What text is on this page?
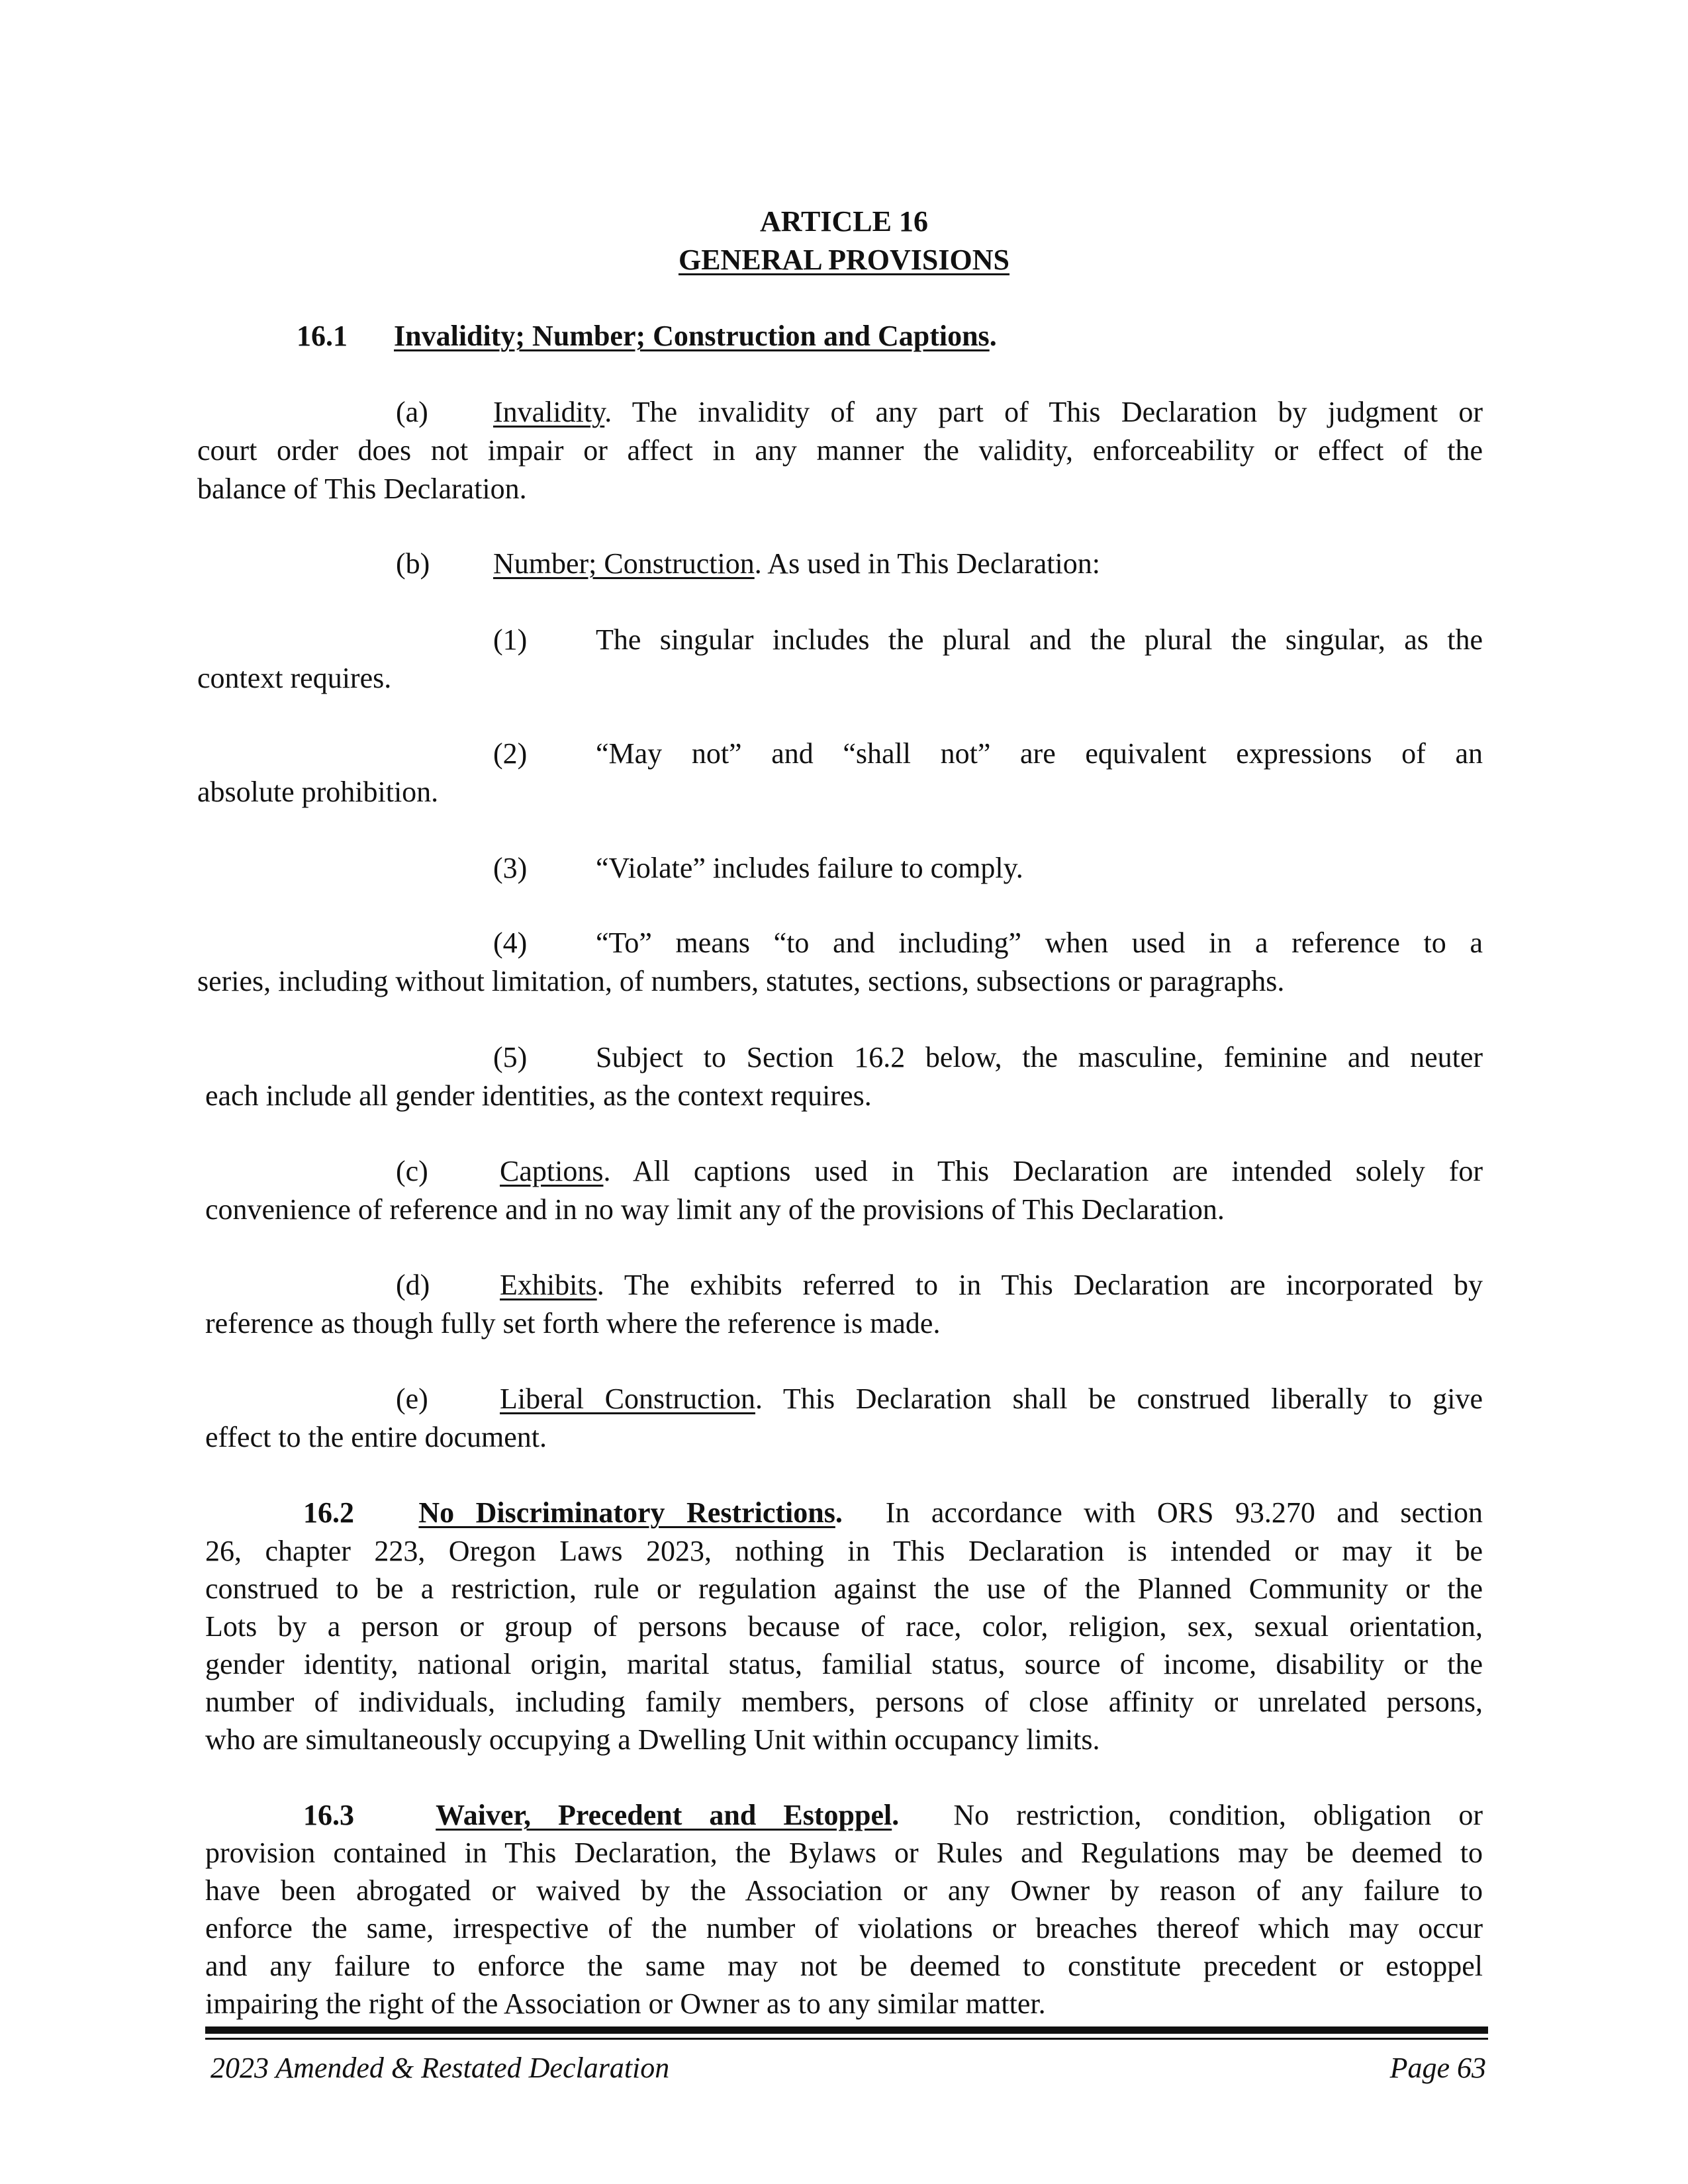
ARTICLE 16
GENERAL PROVISIONS
16.1 Invalidity; Number; Construction and Captions.
(a) Invalidity. The invalidity of any part of This Declaration by judgment or
court order does not impair or affect in any manner the validity, enforceability or effect of the
balance of This Declaration.
(b) Number; Construction. As used in This Declaration:
(1) The singular includes the plural and the plural the singular, as the
context requires.
(2) “May not” and “shall not” are equivalent expressions of an
absolute prohibition.
(3) “Violate” includes failure to comply.
(4) “To” means “to and including” when used in a reference to a
series, including without limitation, of numbers, statutes, sections, subsections or paragraphs.
(5) Subject to Section 16.2 below, the masculine, feminine and neuter
each include all gender identities, as the context requires.
(c) Captions. All captions used in This Declaration are intended solely for
convenience of reference and in no way limit any of the provisions of This Declaration.
(d) Exhibits. The exhibits referred to in This Declaration are incorporated by
reference as though fully set forth where the reference is made.
(e) Liberal Construction. This Declaration shall be construed liberally to give
effect to the entire document.
16.2 No Discriminatory Restrictions. In accordance with ORS 93.270 and section
26, chapter 223, Oregon Laws 2023, nothing in This Declaration is intended or may it be
construed to be a restriction, rule or regulation against the use of the Planned Community or the
Lots by a person or group of persons because of race, color, religion, sex, sexual orientation,
gender identity, national origin, marital status, familial status, source of income, disability or the
number of individuals, including family members, persons of close affinity or unrelated persons,
who are simultaneously occupying a Dwelling Unit within occupancy limits.
16.3	Waiver, Precedent and Estoppel. No restriction, condition, obligation or
provision contained in This Declaration, the Bylaws or Rules and Regulations may be deemed to
have been abrogated or waived by the Association or any Owner by reason of any failure to
enforce the same, irrespective of the number of violations or breaches thereof which may occur
and any failure to enforce the same may not be deemed to constitute precedent or estoppel
impairing the right of the Association or Owner as to any similar matter.
2023 Amended & Restated Declaration	Page 63
